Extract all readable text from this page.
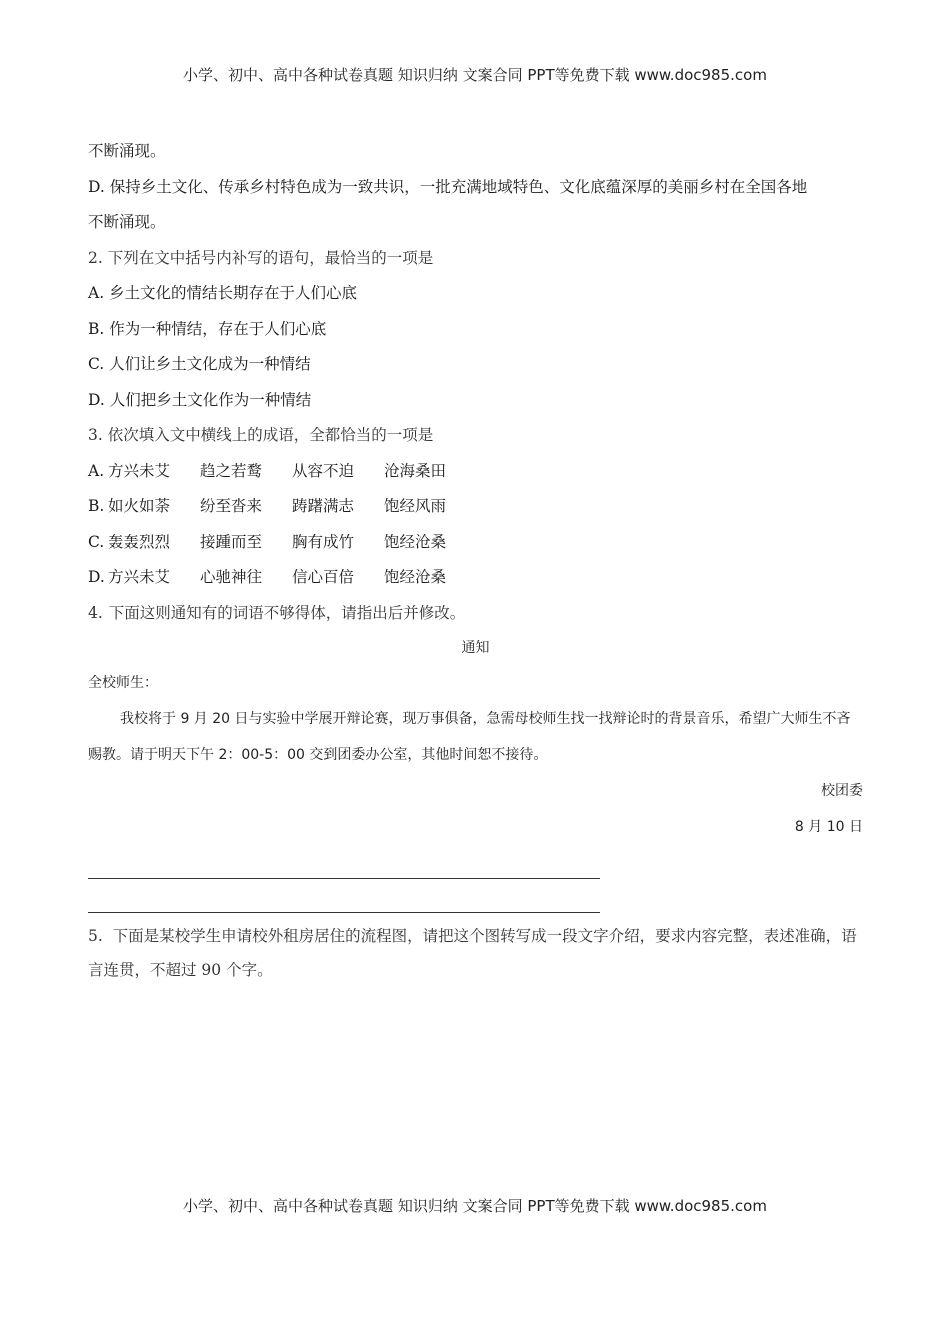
小学、初中、高中各种试卷真题 知识归纳 文案合同 PPT等免费下载 www.doc985.com
不断涌现。
D. 保持乡土文化、传承乡村特色成为一致共识，一批充满地域特色、文化底蕴深厚的美丽乡村在全国各地
不断涌现。
2. 下列在文中括号内补写的语句，最恰当的一项是
A. 乡土文化的情结长期存在于人们心底
B. 作为一种情结，存在于人们心底
C. 人们让乡土文化成为一种情结
D. 人们把乡土文化作为一种情结
3. 依次填入文中横线上的成语，全都恰当的一项是
A. 方兴未艾 趋之若鹜 从容不迫 沧海桑田
B. 如火如荼 纷至沓来 踌躇满志 饱经风雨
C. 轰轰烈烈 接踵而至 胸有成竹 饱经沧桑
D. 方兴未艾 心驰神往 信心百倍 饱经沧桑
4. 下面这则通知有的词语不够得体，请指出后并修改。
通知
全校师生：
我校将于 9 月 20 日与实验中学展开辩论赛，现万事俱备，急需母校师生找一找辩论时的背景音乐，希望广大师生不吝赐教。请于明天下午 2：00-5：00 交到团委办公室，其他时间恕不接待。
校团委
8 月 10 日
5. 下面是某校学生申请校外租房居住的流程图，请把这个图转写成一段文字介绍，要求内容完整，表述准确，语言连贯，不超过 90 个字。
小学、初中、高中各种试卷真题 知识归纳 文案合同 PPT等免费下载 www.doc985.com
